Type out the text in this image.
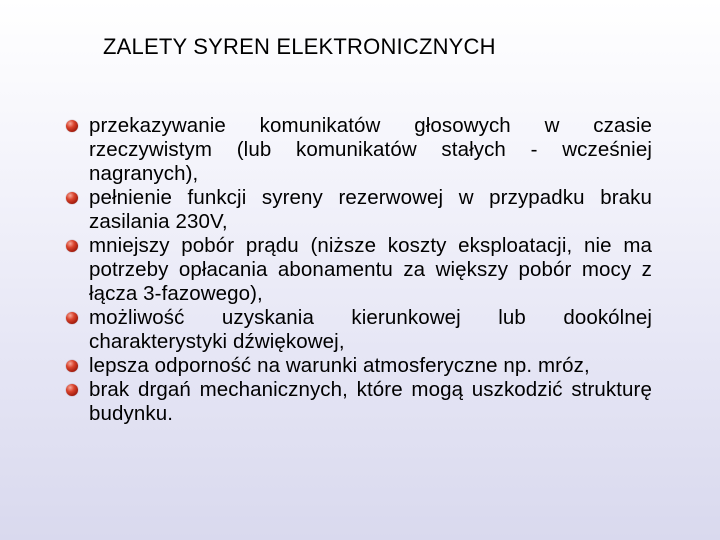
ZALETY SYREN ELEKTRONICZNYCH
przekazywanie komunikatów głosowych w czasie rzeczywistym (lub komunikatów stałych - wcześniej nagranych),
pełnienie funkcji syreny rezerwowej w przypadku braku zasilania 230V,
mniejszy pobór prądu (niższe koszty eksploatacji, nie ma potrzeby opłacania abonamentu za większy pobór mocy z łącza 3-fazowego),
możliwość uzyskania kierunkowej lub dookólnej charakterystyki dźwiękowej,
lepsza odporność na warunki atmosferyczne np. mróz,
brak drgań mechanicznych, które mogą uszkodzić strukturę budynku.
